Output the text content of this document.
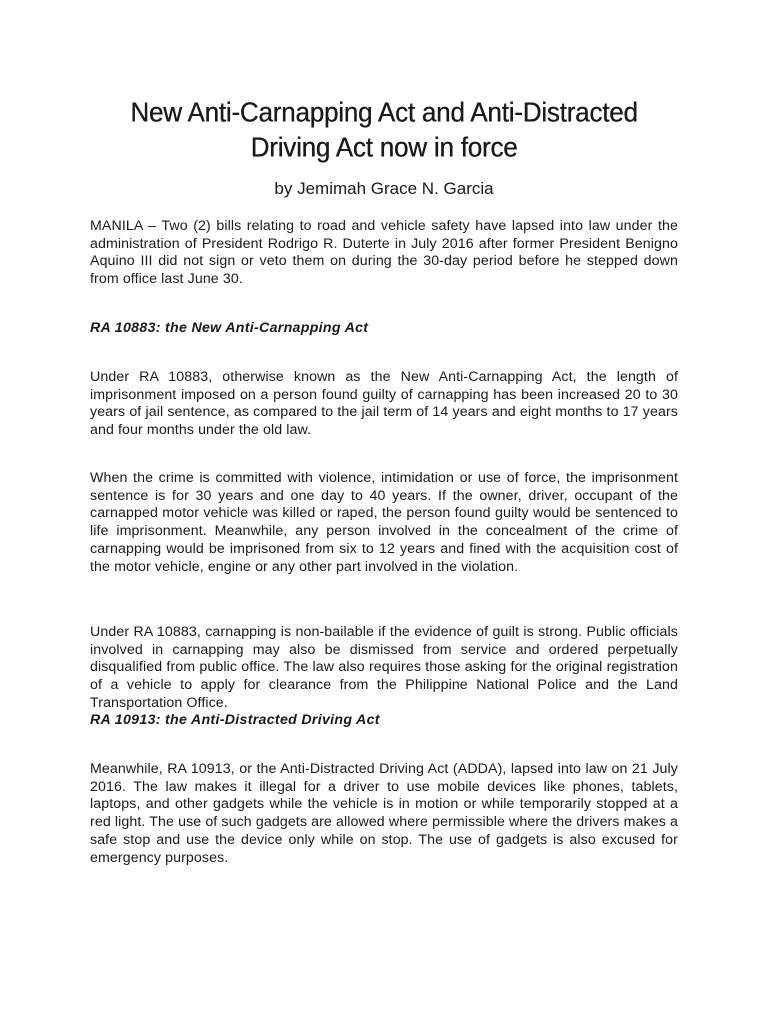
New Anti-Carnapping Act and Anti-Distracted Driving Act now in force

by Jemimah Grace N. Garcia

MANILA – Two (2) bills relating to road and vehicle safety have lapsed into law under the administration of President Rodrigo R. Duterte in July 2016 after former President Benigno Aquino III did not sign or veto them on during the 30-day period before he stepped down from office last June 30.

RA 10883: the New Anti-Carnapping Act

Under RA 10883, otherwise known as the New Anti-Carnapping Act, the length of imprisonment imposed on a person found guilty of carnapping has been increased 20 to 30 years of jail sentence, as compared to the jail term of 14 years and eight months to 17 years and four months under the old law.

When the crime is committed with violence, intimidation or use of force, the imprisonment sentence is for 30 years and one day to 40 years. If the owner, driver, occupant of the carnapped motor vehicle was killed or raped, the person found guilty would be sentenced to life imprisonment. Meanwhile, any person involved in the concealment of the crime of carnapping would be imprisoned from six to 12 years and fined with the acquisition cost of the motor vehicle, engine or any other part involved in the violation.

Under RA 10883, carnapping is non-bailable if the evidence of guilt is strong. Public officials involved in carnapping may also be dismissed from service and ordered perpetually disqualified from public office. The law also requires those asking for the original registration of a vehicle to apply for clearance from the Philippine National Police and the Land Transportation Office.

RA 10913: the Anti-Distracted Driving Act

Meanwhile, RA 10913, or the Anti-Distracted Driving Act (ADDA), lapsed into law on 21 July 2016. The law makes it illegal for a driver to use mobile devices like phones, tablets, laptops, and other gadgets while the vehicle is in motion or while temporarily stopped at a red light. The use of such gadgets are allowed where permissible where the drivers makes a safe stop and use the device only while on stop. The use of gadgets is also excused for emergency purposes.
